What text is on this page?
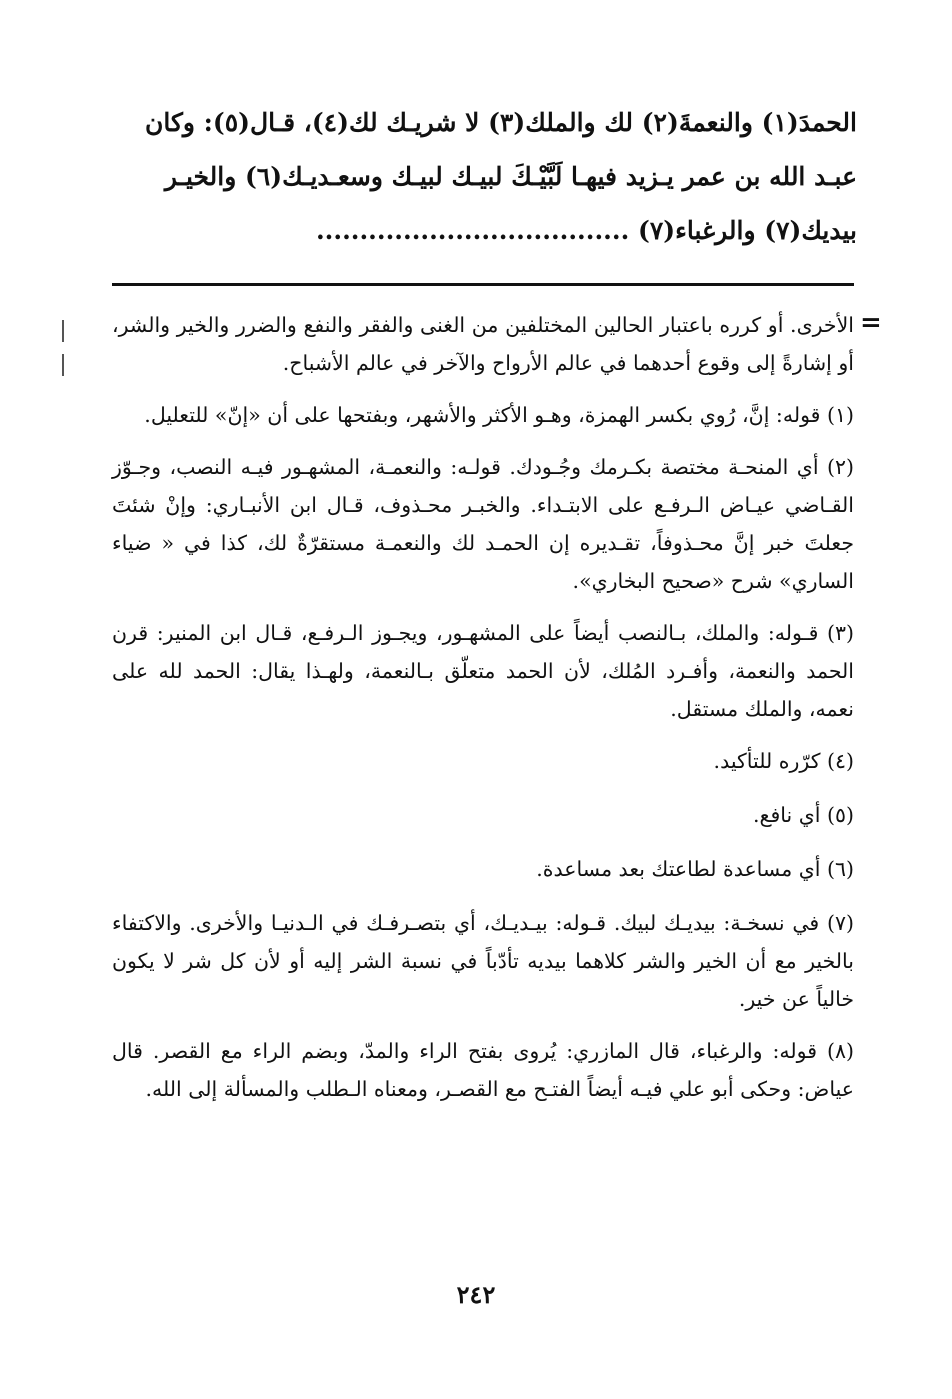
الحمدَ(١) والنعمةَ(٢) لك والملك(٣) لا شريـك لك(٤)، قـال(٥): وكان
عبـد الله بن عمر يـزيد فيهـا لَبَّيْـكَ لبيـك لبيـك وسعـديـك(٦) والخيـر
بيديك(٧) والرغباء(٧) ....................................
=
الأخرى. أو كرره باعتبار الحالين المختلفين من الغنى والفقر والنفع والضرر والخير والشر، أو إشارةً إلى وقوع أحدهما في عالم الأرواح والآخر في عالم الأشباح.
(١) قوله: إنَّ، رُوي بكسر الهمزة، وهـو الأكثر والأشهر، وبفتحها على أن «إنّ» للتعليل.
(٢) أي المنحـة مختصة بكـرمك وجُـودك. قولـه: والنعمـة، المشهـور فيـه النصب، وجـوّز القـاضي عيـاض الـرفـع على الابتـداء. والخبـر محـذوف، قـال ابن الأنبـاري: وإنْ شئتَ جعلتَ خبر إنَّ محـذوفاً، تقـديره إن الحمـد لك والنعمـة مستقرّةٌ لك، كذا في « ضياء الساري» شرح «صحيح البخاري».
(٣) قـوله: والملك، بـالنصب أيضاً على المشهـور، ويجـوز الـرفـع، قـال ابن المنير: قرن الحمد والنعمة، وأفـرد المُلك، لأن الحمد متعلّق بـالنعمة، ولهـذا يقال: الحمد لله على نعمه، والملك مستقل.
(٤) كرّره للتأكيد.
(٥) أي نافع.
(٦) أي مساعدة لطاعتك بعد مساعدة.
(٧) في نسخـة: بيديـك لبيك. قـوله: بيـديـك، أي بتصـرفـك في الـدنيـا والأخرى. والاكتفاء بالخير مع أن الخير والشر كلاهما بيديه تأدّباً في نسبة الشر إليه أو لأن كل شر لا يكون خالياً عن خير.
(٨) قوله: والرغباء، قال المازري: يُروى بفتح الراء والمدّ، وبضم الراء مع القصر. قال عياض: وحكى أبو علي فيـه أيضاً الفتـح مع القصـر، ومعناه الـطلب والمسألة إلى الله.
٢٤٢
